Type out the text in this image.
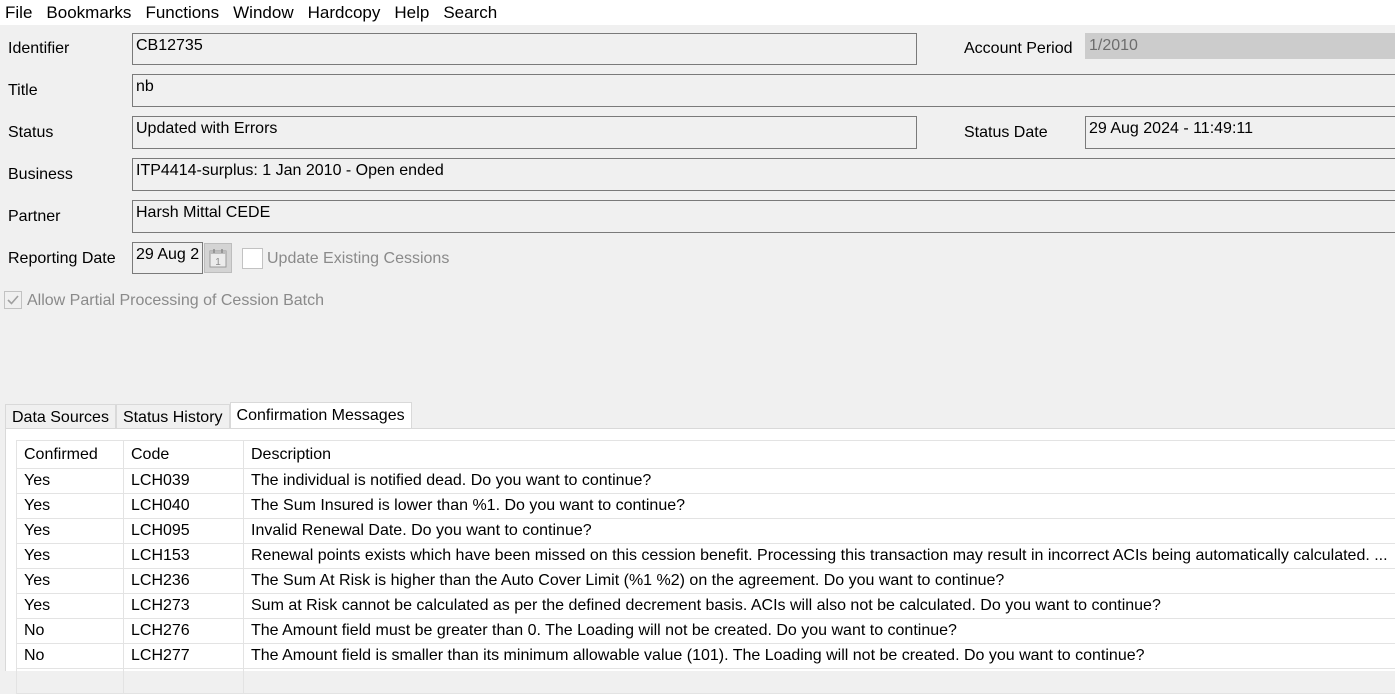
File Bookmarks Functions Window Hardcopy Help Search
Identifier	CB12735	Account Period 1/2010
Title	nb
Status	Updated with Errors	Status Date	29 Aug 2024 - 11:49:11
Business	ITP4414-surplus: 1 Jan 2010 - Open ended
Partner	Harsh Mittal CEDE
Reporting Date 29 Aug 2	1	Update Existing Cessions
Allow Partial Processing of Cession Batch
Data Sources Status History Confirmation Messages
Confirmed	Code	Description
Yes	LCH039	The individual is notified dead. Do you want to continue?
Yes	LCH040	The Sum Insured is lower than %1. Do you want to continue?
Yes	LCH095	Invalid Renewal Date. Do you want to continue?
Yes	LCH153	Renewal points exists which have been missed on this cession benefit. Processing this transaction may result in incorrect ACIs being automatically calculated. ...
Yes	LCH236	The Sum At Risk is higher than the Auto Cover Limit (%1 %2) on the agreement. Do you want to continue?
Yes	LCH273	Sum at Risk cannot be calculated as per the defined decrement basis. ACIs will also not be calculated. Do you want to continue?
No	LCH276	The Amount field must be greater than 0. The Loading will not be created. Do you want to continue?
No	LCH277	The Amount field is smaller than its minimum allowable value (101). The Loading will not be created. Do you want to continue?
